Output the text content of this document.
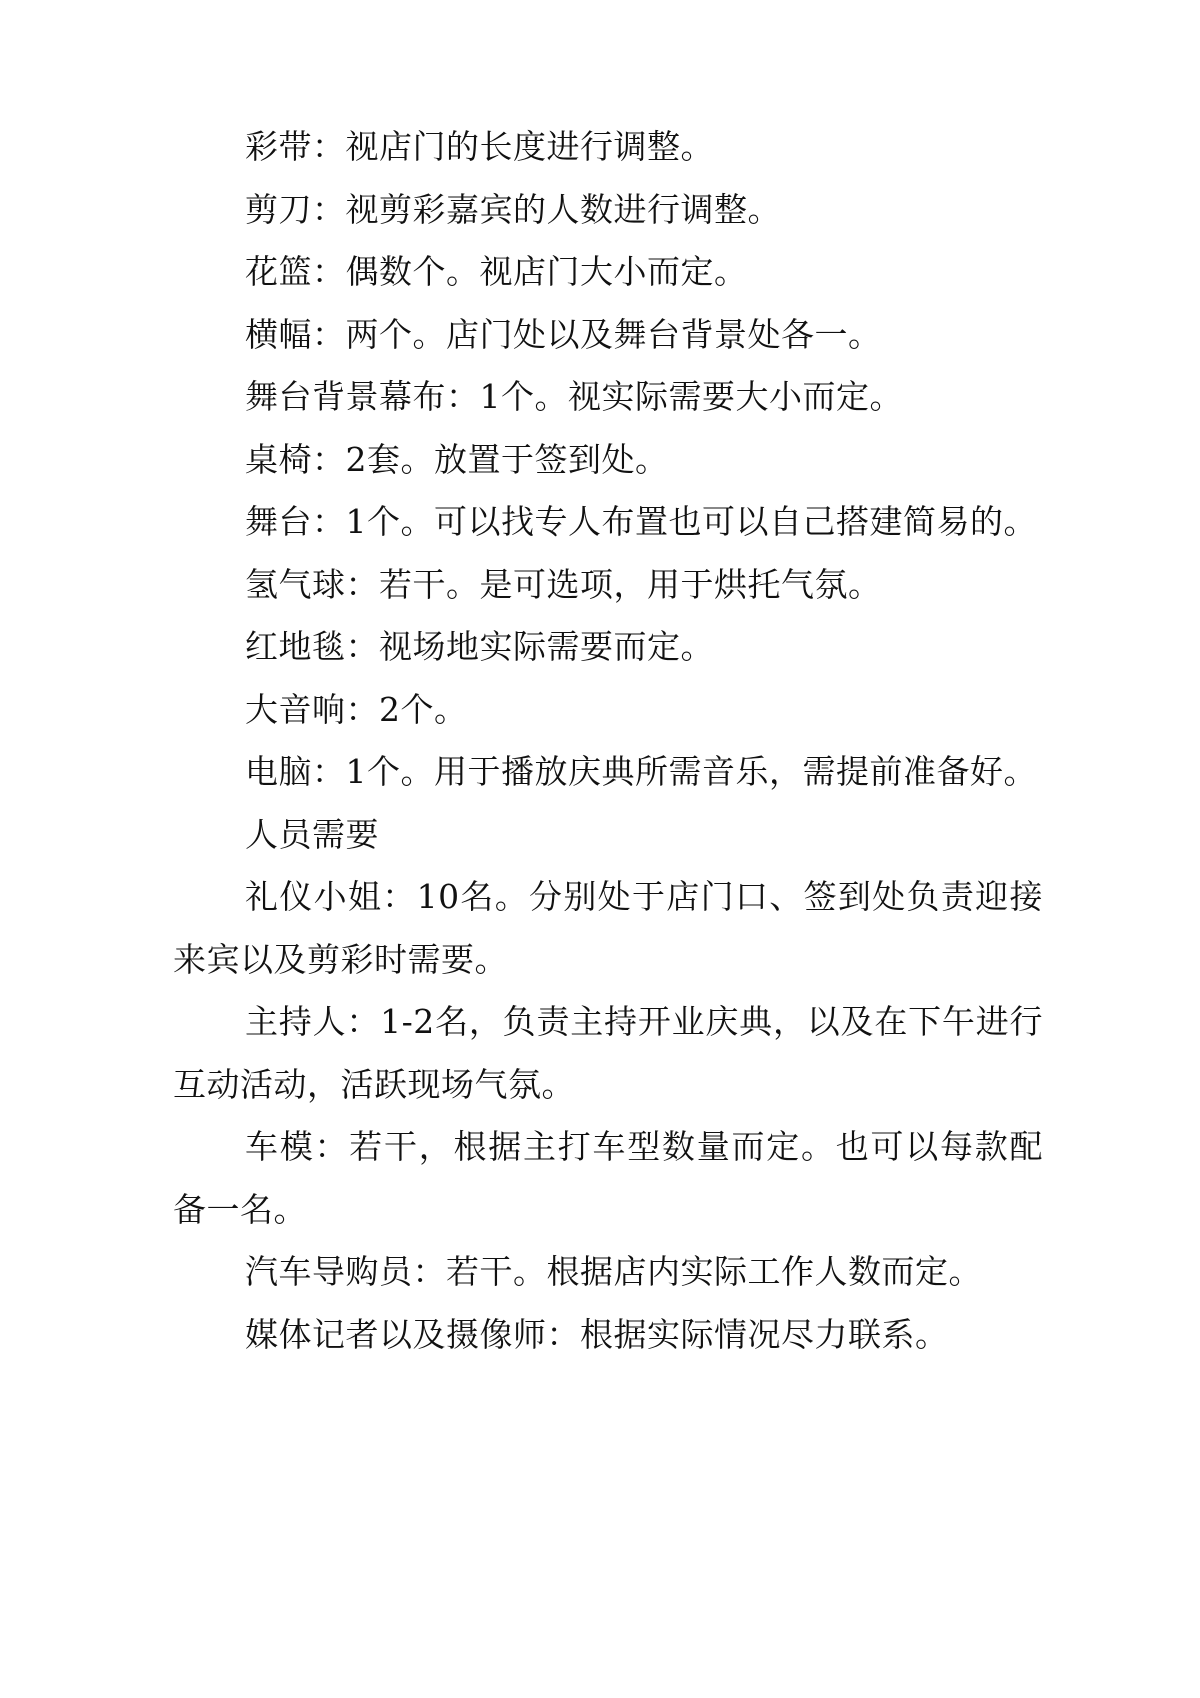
彩带：视店门的长度进行调整。

剪刀：视剪彩嘉宾的人数进行调整。

花篮：偶数个。视店门大小而定。

横幅：两个。店门处以及舞台背景处各一。

舞台背景幕布：1个。视实际需要大小而定。

桌椅：2套。放置于签到处。

舞台：1个。可以找专人布置也可以自己搭建简易的。

氢气球：若干。是可选项，用于烘托气氛。

红地毯：视场地实际需要而定。

大音响：2个。

电脑：1个。用于播放庆典所需音乐，需提前准备好。

人员需要

礼仪小姐：10名。分别处于店门口、签到处负责迎接来宾以及剪彩时需要。

主持人：1-2名，负责主持开业庆典，以及在下午进行互动活动，活跃现场气氛。

车模：若干，根据主打车型数量而定。也可以每款配备一名。

汽车导购员：若干。根据店内实际工作人数而定。

媒体记者以及摄像师：根据实际情况尽力联系。
